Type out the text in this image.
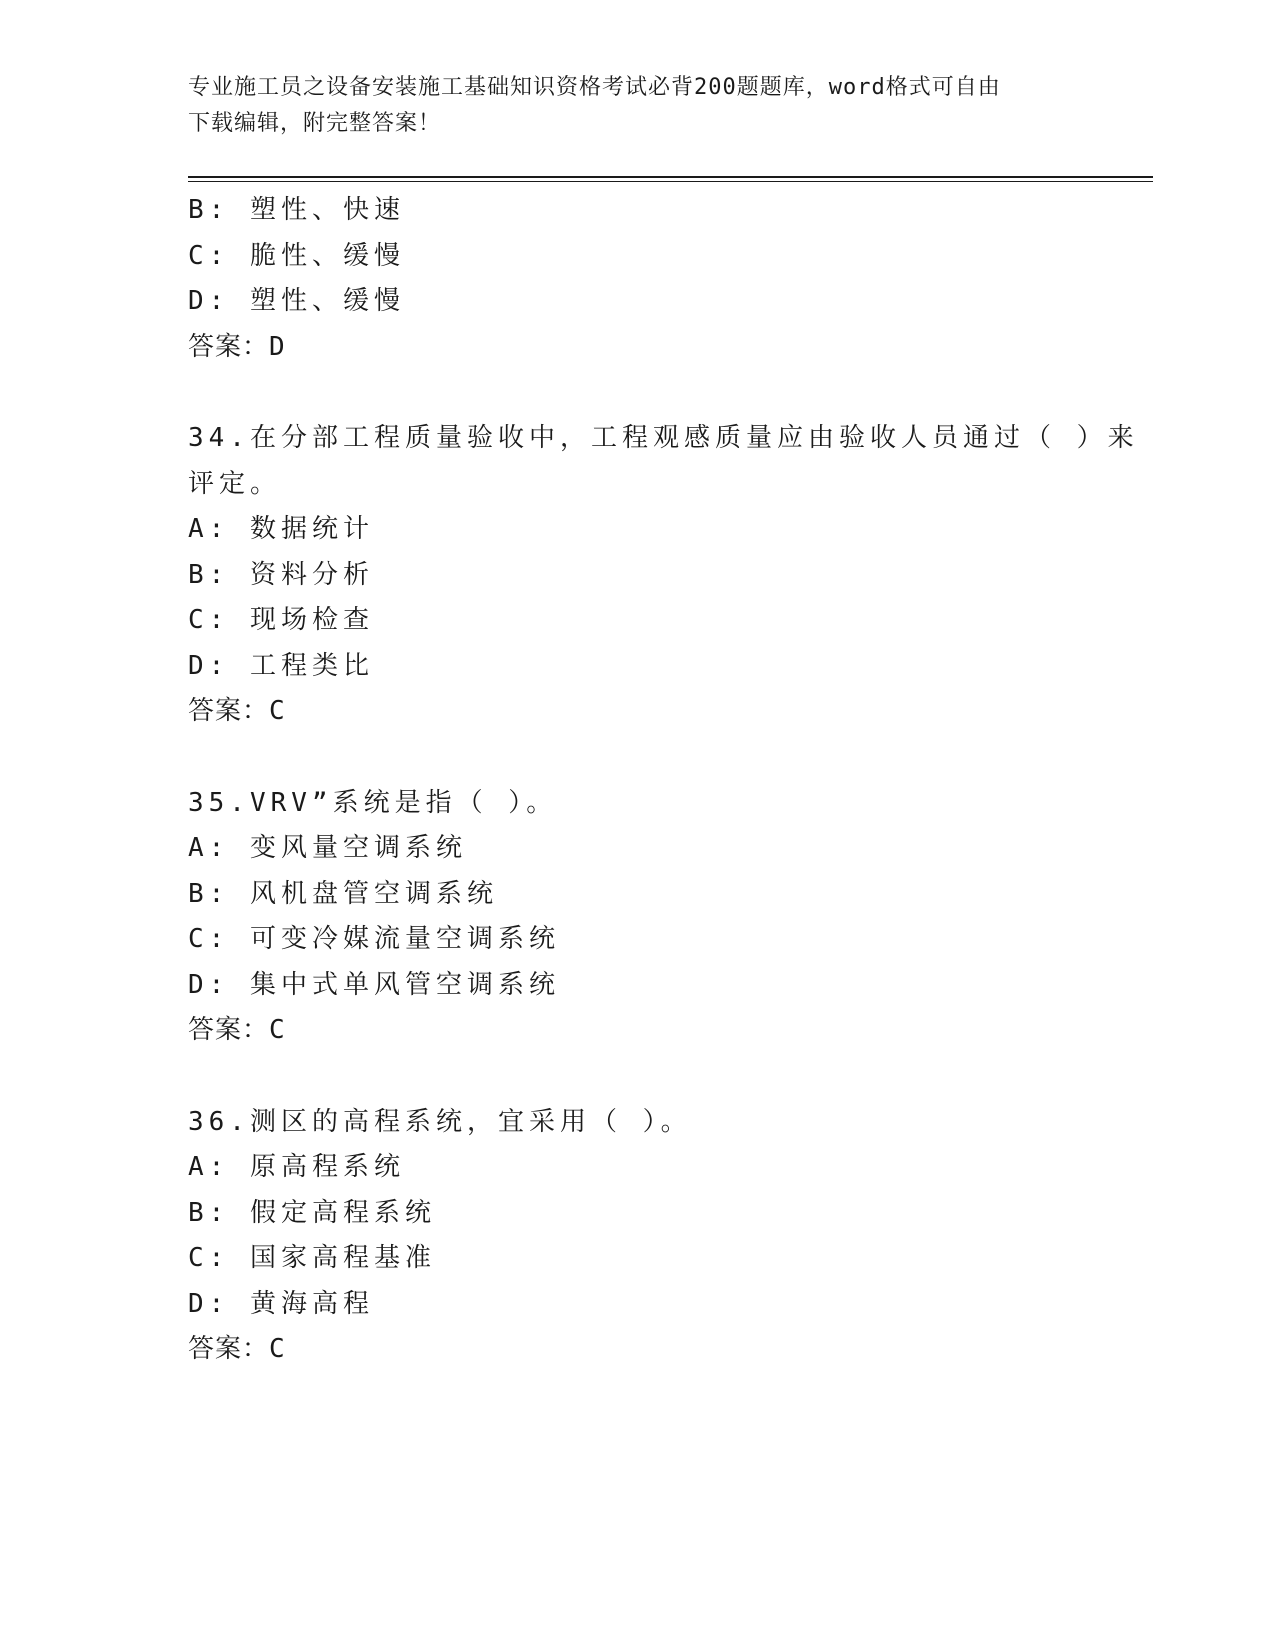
专业施工员之设备安装施工基础知识资格考试必背200题题库，word格式可自由
下载编辑，附完整答案！
B: 塑性、快速
C: 脆性、缓慢
D: 塑性、缓慢
答案：D
34.在分部工程质量验收中，工程观感质量应由验收人员通过（ ）来
评定。
A: 数据统计
B: 资料分析
C: 现场检查
D: 工程类比
答案：C
35.VRV”系统是指（ ）。
A: 变风量空调系统
B: 风机盘管空调系统
C: 可变冷媒流量空调系统
D: 集中式单风管空调系统
答案：C
36.测区的高程系统，宜采用（ ）。
A: 原高程系统
B: 假定高程系统
C: 国家高程基准
D: 黄海高程
答案：C
